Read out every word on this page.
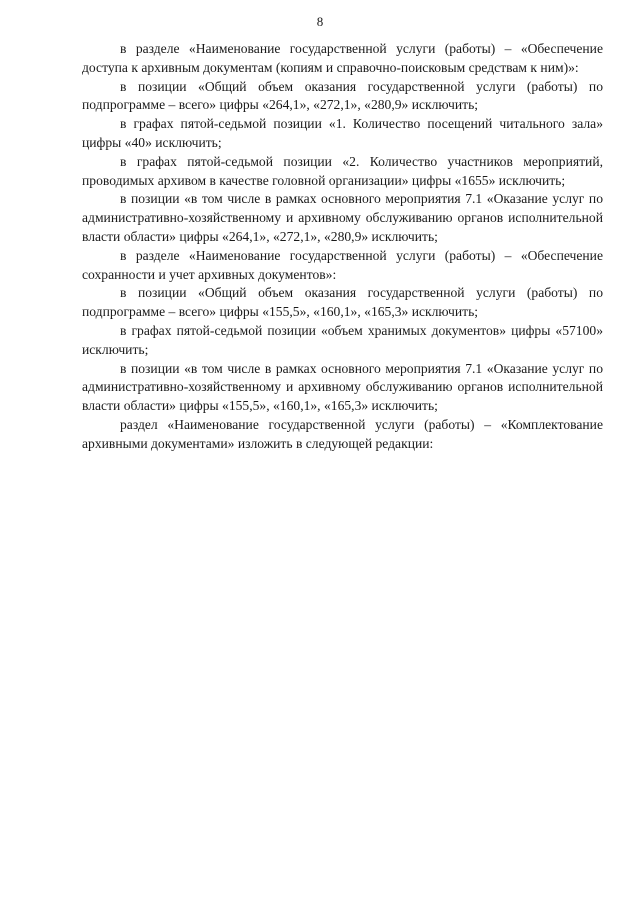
8

в разделе «Наименование государственной услуги (работы) – «Обеспечение доступа к архивным документам (копиям и справочно-поисковым средствам к ним)»:

в позиции «Общий объем оказания государственной услуги (работы) по подпрограмме – всего» цифры «264,1», «272,1», «280,9» исключить;

в графах пятой-седьмой позиции «1. Количество посещений читального зала» цифры «40» исключить;

в графах пятой-седьмой позиции «2. Количество участников мероприятий, проводимых архивом в качестве головной организации» цифры «1655» исключить;

в позиции «в том числе в рамках основного мероприятия 7.1 «Оказание услуг по административно-хозяйственному и архивному обслуживанию органов исполнительной власти области» цифры «264,1», «272,1», «280,9» исключить;

в разделе «Наименование государственной услуги (работы) – «Обеспечение сохранности и учет архивных документов»:

в позиции «Общий объем оказания государственной услуги (работы) по подпрограмме – всего» цифры «155,5», «160,1», «165,3» исключить;

в графах пятой-седьмой позиции «объем хранимых документов» цифры «57100» исключить;

в позиции «в том числе в рамках основного мероприятия 7.1 «Оказание услуг по административно-хозяйственному и архивному обслуживанию органов исполнительной власти области» цифры «155,5», «160,1», «165,3» исключить;

раздел «Наименование государственной услуги (работы) – «Комплектование архивными документами» изложить в следующей редакции:
